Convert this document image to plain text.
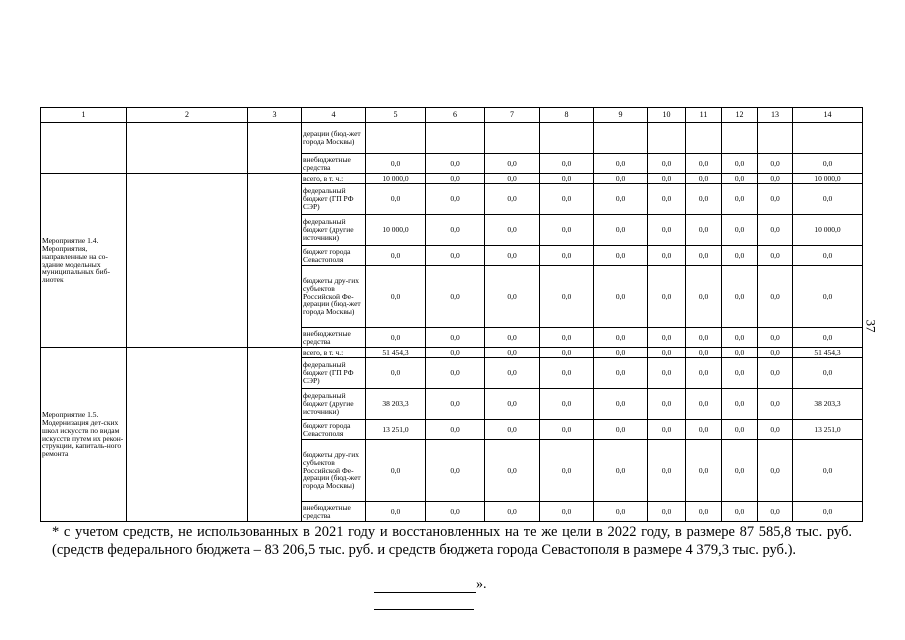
1	2	3	4	5	6	7	8	9	10	11	12	13	14
			дерации (бюд-жет города Москвы)										
			внебюджетные средства	0,0	0,0	0,0	0,0	0,0	0,0	0,0	0,0	0,0	0,0
Мероприятие 1.4. Мероприятия, направленные на со-здание модельных муниципальных биб-лиотек			всего, в т. ч.:	10 000,0	0,0	0,0	0,0	0,0	0,0	0,0	0,0	0,0	10 000,0
			федеральный бюджет (ГП РФ СЭР)	0,0	0,0	0,0	0,0	0,0	0,0	0,0	0,0	0,0	0,0
			федеральный бюджет (другие источники)	10 000,0	0,0	0,0	0,0	0,0	0,0	0,0	0,0	0,0	10 000,0
			бюджет города Севастополя	0,0	0,0	0,0	0,0	0,0	0,0	0,0	0,0	0,0	0,0
			бюджеты дру-гих субъектов Российской Фе-дерации (бюд-жет города Москвы)	0,0	0,0	0,0	0,0	0,0	0,0	0,0	0,0	0,0	0,0
			внебюджетные средства	0,0	0,0	0,0	0,0	0,0	0,0	0,0	0,0	0,0	0,0
Мероприятие 1.5. Модернизация дет-ских школ искусств по видам искусств путем их рекон-струкции, капиталь-ного ремонта			всего, в т. ч.:	51 454,3	0,0	0,0	0,0	0,0	0,0	0,0	0,0	0,0	51 454,3
			федеральный бюджет (ГП РФ СЭР)	0,0	0,0	0,0	0,0	0,0	0,0	0,0	0,0	0,0	0,0
			федеральный бюджет (другие источники)	38 203,3	0,0	0,0	0,0	0,0	0,0	0,0	0,0	0,0	38 203,3
			бюджет города Севастополя	13 251,0	0,0	0,0	0,0	0,0	0,0	0,0	0,0	0,0	13 251,0
			бюджеты дру-гих субъектов Российской Фе-дерации (бюд-жет города Москвы)	0,0	0,0	0,0	0,0	0,0	0,0	0,0	0,0	0,0	0,0
			внебюджетные средства	0,0	0,0	0,0	0,0	0,0	0,0	0,0	0,0	0,0	0,0
37
* с учетом средств, не использованных в 2021 году и восстановленных на те же цели в 2022 году, в размере 87 585,8 тыс. руб. (средств федерального бюджета – 83 206,5 тыс. руб. и средств бюджета города Севастополя в размере 4 379,3 тыс. руб.).
».
